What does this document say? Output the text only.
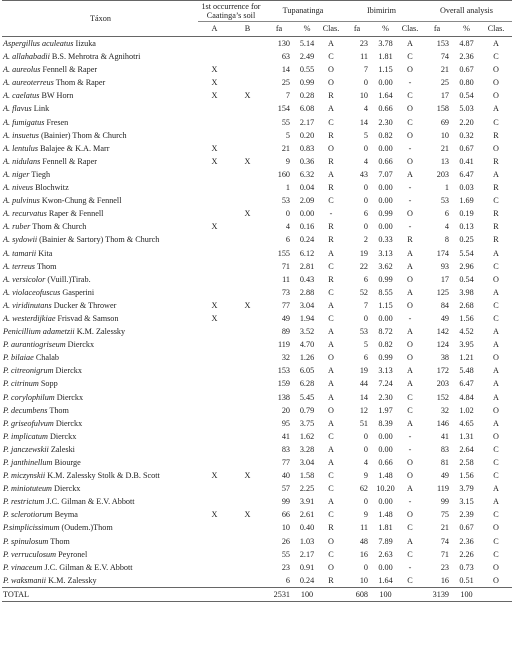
Táxon	1st occurrence for Caatinga’s soil		Tupanatinga			Ibimirim			Overall analysis		
	A	B	fa	%	Clas.	fa	%	Clas.	fa	%	Clas.
Aspergillus aculeatus Iizuka			130	5.14	A	23	3.78	A	153	4.87	A
A. allahabadii B.S. Mehrotra & Agnihotri			63	2.49	C	11	1.81	C	74	2.36	C
A. aureolus Fennell & Raper	X		14	0.55	O	7	1.15	O	21	0.67	O
A. aureoterreus Thom & Raper	X		25	0.99	O	0	0.00	-	25	0.80	O
A. caelatus BW Horn	X	X	7	0.28	R	10	1.64	C	17	0.54	O
A. flavus Link			154	6.08	A	4	0.66	O	158	5.03	A
A. fumigatus Fresen			55	2.17	C	14	2.30	C	69	2.20	C
A. insuetus (Bainier) Thom & Church			5	0.20	R	5	0.82	O	10	0.32	R
A. lentulus Balajee & K.A. Marr	X		21	0.83	O	0	0.00	-	21	0.67	O
A. nidulans Fennell & Raper	X	X	9	0.36	R	4	0.66	O	13	0.41	R
A. niger Tiegh			160	6.32	A	43	7.07	A	203	6.47	A
A. niveus Blochwitz			1	0.04	R	0	0.00	-	1	0.03	R
A. pulvinus Kwon-Chung & Fennell			53	2.09	C	0	0.00	-	53	1.69	C
A. recurvatus Raper & Fennell		X	0	0.00	-	6	0.99	O	6	0.19	R
A. ruber Thom & Church	X		4	0.16	R	0	0.00	-	4	0.13	R
A. sydowii (Bainier & Sartory) Thom & Church			6	0.24	R	2	0.33	R	8	0.25	R
A. tamarii Kita			155	6.12	A	19	3.13	A	174	5.54	A
A. terreus Thom			71	2.81	C	22	3.62	A	93	2.96	C
A. versicolor (Vuill.)Tirab.			11	0.43	R	6	0.99	O	17	0.54	O
A. violaceofuscus Gasperini			73	2.88	C	52	8.55	A	125	3.98	A
A. viridinutans Ducker & Thrower	X	X	77	3.04	A	7	1.15	O	84	2.68	C
A. westerdijkiae Frisvad & Samson	X		49	1.94	C	0	0.00	-	49	1.56	C
Penicillium adametzii K.M. Zalessky			89	3.52	A	53	8.72	A	142	4.52	A
P. aurantiogriseum Dierckx			119	4.70	A	5	0.82	O	124	3.95	A
P. bilaiae Chalab			32	1.26	O	6	0.99	O	38	1.21	O
P. citreonigrum Dierckx			153	6.05	A	19	3.13	A	172	5.48	A
P. citrinum Sopp			159	6.28	A	44	7.24	A	203	6.47	A
P. corylophilum Dierckx			138	5.45	A	14	2.30	C	152	4.84	A
P. decumbens Thom			20	0.79	O	12	1.97	C	32	1.02	O
P. griseofulvum Dierckx			95	3.75	A	51	8.39	A	146	4.65	A
P. implicatum Dierckx			41	1.62	C	0	0.00	-	41	1.31	O
P. janczewskii Zaleski			83	3.28	A	0	0.00	-	83	2.64	C
P. janthinellum Biourge			77	3.04	A	4	0.66	O	81	2.58	C
P. miczynskii K.M. Zalessky Stolk & D.B. Scott	X	X	40	1.58	C	9	1.48	O	49	1.56	C
P. miniotuteum Dierckx			57	2.25	C	62	10.20	A	119	3.79	A
P. restrictum J.C. Gilman & E.V. Abbott			99	3.91	A	0	0.00	-	99	3.15	A
P. sclerotiorum Beyma	X	X	66	2.61	C	9	1.48	O	75	2.39	C
P.simplicissimum (Oudem.)Thom			10	0.40	R	11	1.81	C	21	0.67	O
P. spinulosum Thom			26	1.03	O	48	7.89	A	74	2.36	C
P. verruculosum Peyronel			55	2.17	C	16	2.63	C	71	2.26	C
P. vinaceum J.C. Gilman & E.V. Abbott			23	0.91	O	0	0.00	-	23	0.73	O
P. waksmanii K.M. Zalessky			6	0.24	R	10	1.64	C	16	0.51	O
TOTAL			2531	100		608	100		3139	100	
